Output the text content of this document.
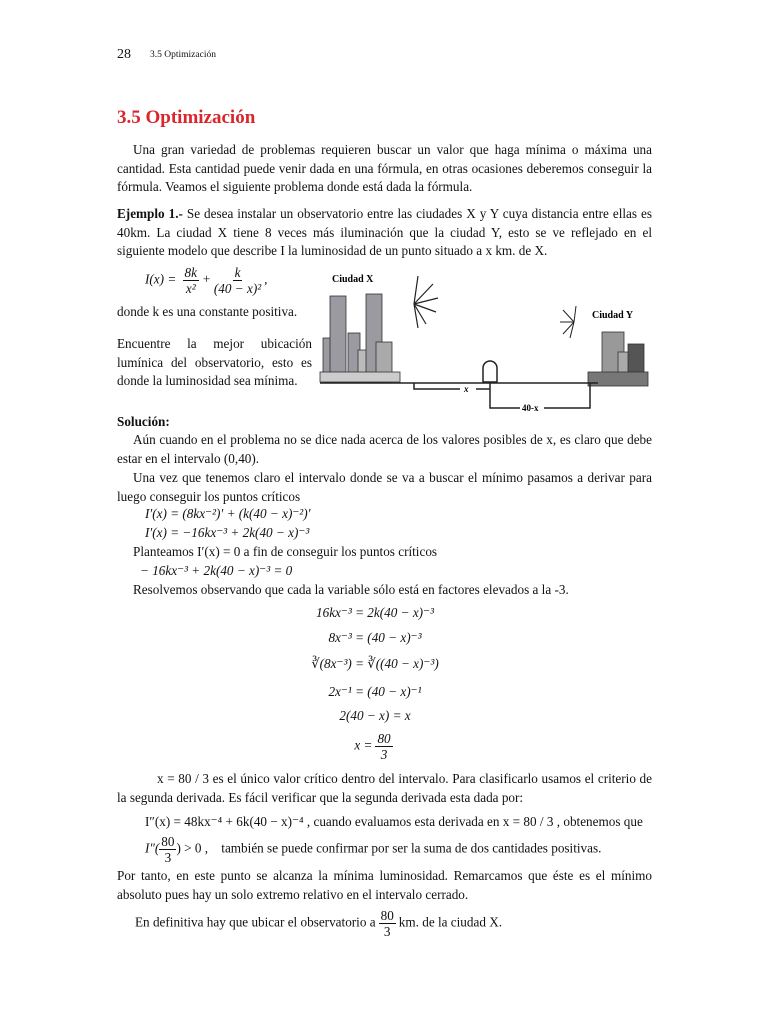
28 3.5 Optimización
3.5 Optimización
Una gran variedad de problemas requieren buscar un valor que haga mínima o máxima una cantidad. Esta cantidad puede venir dada en una fórmula, en otras ocasiones deberemos conseguir la fórmula. Veamos el siguiente problema donde está dada la fórmula.
Ejemplo 1.- Se desea instalar un observatorio entre las ciudades X y Y cuya distancia entre ellas es 40km. La ciudad X tiene 8 veces más iluminación que la ciudad Y, esto se ve reflejado en el siguiente modelo que describe I la luminosidad de un punto situado a x km. de X.
$I(x) = \frac{8k}{\text{x²}} + \frac{k}{\text{(40 − x)²}}$ ,
donde k es una constante positiva.
Encuentre la mejor ubicación lumínica del observatorio, esto es donde la luminosidad sea mínima.
Ciudad X
Ciudad Y
x
40-x
Solución:
Aún cuando en el problema no se dice nada acerca de los valores posibles de x, es claro que debe estar en el intervalo (0,40).
Una vez que tenemos claro el intervalo donde se va a buscar el mínimo pasamos a derivar para luego conseguir los puntos críticos
I′(x) = (8kx⁻²)′ + (k(40 − x)⁻²)′
I′(x) = −16kx⁻³ + 2k(40 − x)⁻³
Planteamos I′(x) = 0 a fin de conseguir los puntos críticos
− 16kx⁻³ + 2k(40 − x)⁻³ = 0
Resolvemos observando que cada la variable sólo está en factores elevados a la -3.
16kx⁻³ = 2k(40 − x)⁻³
8x⁻³ = (40 − x)⁻³
∛(8x⁻³) = ∛((40 − x)⁻³)
2x⁻¹ = (40 − x)⁻¹
2(40 − x) = x
$x = \frac{80}{3}$
x = 80 / 3 es el único valor crítico dentro del intervalo. Para clasificarlo usamos el criterio de la segunda derivada. Es fácil verificar que la segunda derivada esta dada por:
I″(x) = 48kx⁻⁴ + 6k(40 − x)⁻⁴ , cuando evaluamos esta derivada en x = 80 / 3 , obtenemos que
$I''( \frac{80}{3}$ ) > 0 , también se puede confirmar por ser la suma de dos cantidades positivas.
Por tanto, en este punto se alcanza la mínima luminosidad. Remarcamos que éste es el mínimo absoluto pues hay un solo extremo relativo en el intervalo cerrado.
En definitiva hay que ubicar el observatorio a $\frac{80}{3}$ km. de la ciudad X.
